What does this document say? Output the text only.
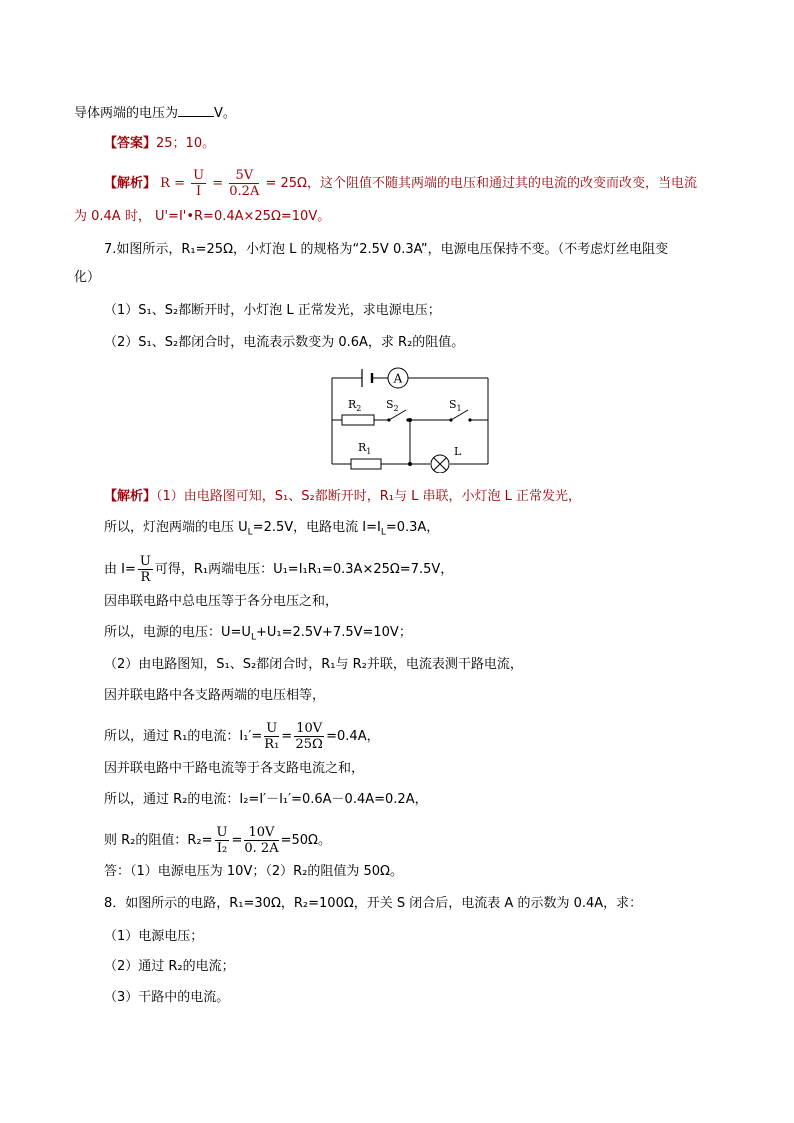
导体两端的电压为	V。
【答案】25；10。
【解析】 $R = \frac{U}{I} = \frac{5V}{0.2A} = 25\Omega$，这个阻值不随其两端的电压和通过其的电流的改变而改变，当电流
为 0.4A 时， U'=I'•R=0.4A×25Ω=10V。
7.如图所示，R₁=25Ω，小灯泡 L 的规格为“2.5V 0.3A”，电源电压保持不变。（不考虑灯丝电阻变
化）
（1）S₁、S₂都断开时，小灯泡 L 正常发光，求电源电压；
（2）S₁、S₂都闭合时，电流表示数变为 0.6A，求 R₂的阻值。
A
$R_2$ $S_2$	$S_1$
$R_1$	L
【解析】（1）由电路图可知，S₁、S₂都断开时，R₁与 L 串联，小灯泡 L 正常发光，
所以，灯泡两端的电压 $U_L=2.5V$，电路电流 $I=I_L=0.3A$，
由 $I= \frac{U}{R}$ 可得，R₁两端电压：U₁=I₁R₁=0.3A×25Ω=7.5V，
因串联电路中总电压等于各分电压之和，
所以，电源的电压：$U=U_L+U_1=2.5V+7.5V=10V$；
（2）由电路图知，S₁、S₂都闭合时，R₁与 R₂并联，电流表测干路电流，
因并联电路中各支路两端的电压相等，
所以，通过 R₁的电流：$I_1'= \frac{U}{\text{R₁}} = \frac{10V}{25\Omega} =0.4A$，
因并联电路中干路电流等于各支路电流之和，
所以，通过 R₂的电流：I₂=I′－I₁′=0.6A－0.4A=0.2A，
则 R₂的阻值：$R_2= \frac{U}{\text{I₂}} = \frac{10V}{0. 2A} =50\Omega$。
答：（1）电源电压为 10V；（2）R₂的阻值为 50Ω。
8．如图所示的电路，R₁=30Ω，R₂=100Ω，开关 S 闭合后，电流表 A 的示数为 0.4A，求：
（1）电源电压；
（2）通过 R₂的电流；
（3）干路中的电流。
